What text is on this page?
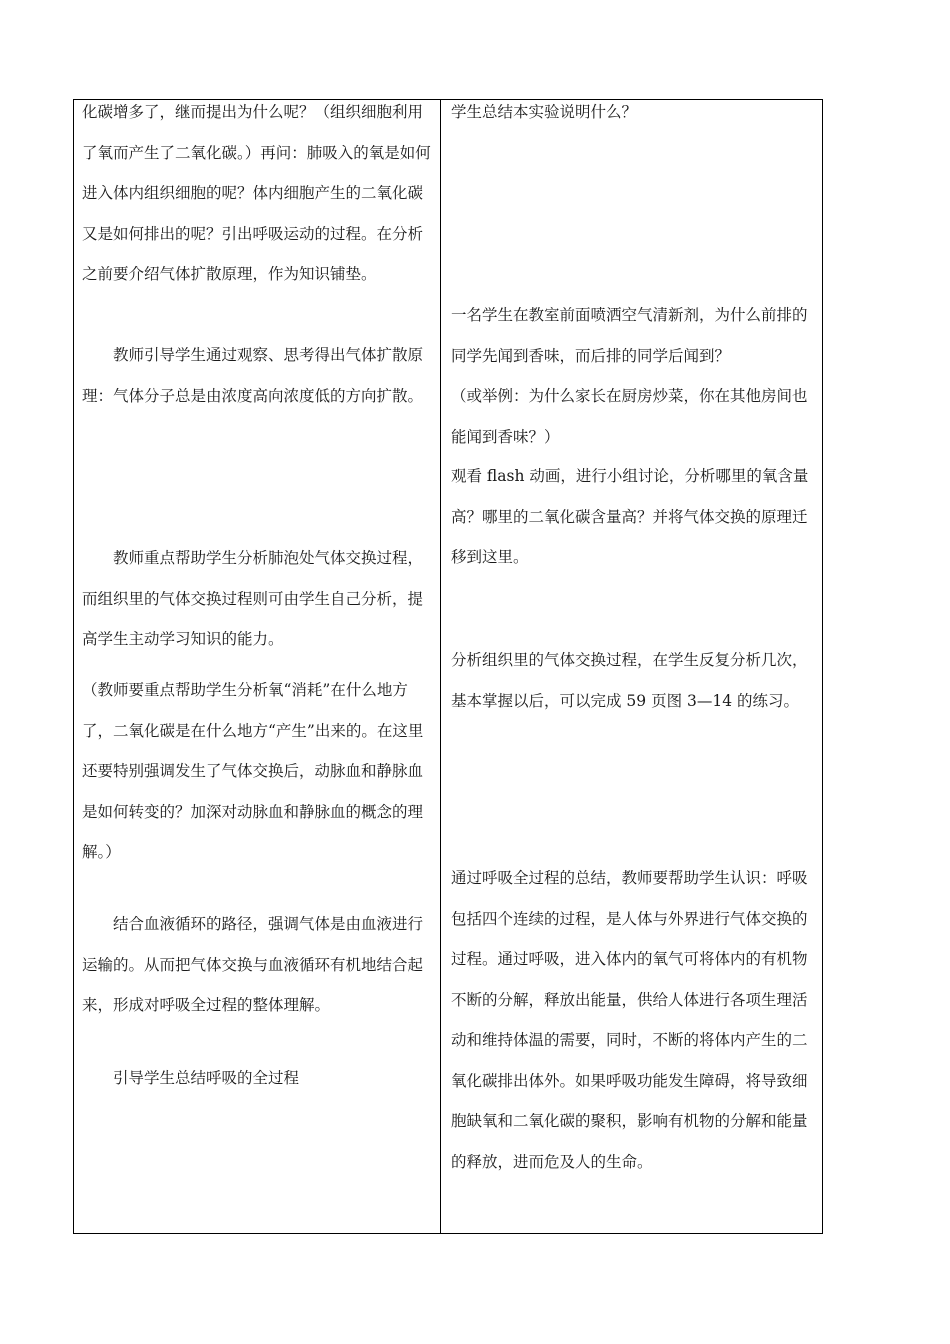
化碳增多了，继而提出为什么呢？（组织细胞利用了氧而产生了二氧化碳。）再问：肺吸入的氧是如何进入体内组织细胞的呢？体内细胞产生的二氧化碳又是如何排出的呢？引出呼吸运动的过程。在分析之前要介绍气体扩散原理，作为知识铺垫。

教师引导学生通过观察、思考得出气体扩散原理：气体分子总是由浓度高向浓度低的方向扩散。

教师重点帮助学生分析肺泡处气体交换过程，而组织里的气体交换过程则可由学生自己分析，提高学生主动学习知识的能力。

（教师要重点帮助学生分析氧“消耗”在什么地方了，二氧化碳是在什么地方“产生”出来的。在这里还要特别强调发生了气体交换后，动脉血和静脉血是如何转变的？加深对动脉血和静脉血的概念的理解。）

结合血液循环的路径，强调气体是由血液进行运输的。从而把气体交换与血液循环有机地结合起来，形成对呼吸全过程的整体理解。

引导学生总结呼吸的全过程

学生总结本实验说明什么？

一名学生在教室前面喷洒空气清新剂，为什么前排的同学先闻到香味，而后排的同学后闻到？

（或举例：为什么家长在厨房炒菜，你在其他房间也能闻到香味？）

观看 flash 动画，进行小组讨论，分析哪里的氧含量高？哪里的二氧化碳含量高？并将气体交换的原理迁移到这里。

分析组织里的气体交换过程，在学生反复分析几次，基本掌握以后，可以完成 59 页图 3—14 的练习。

通过呼吸全过程的总结，教师要帮助学生认识：呼吸包括四个连续的过程，是人体与外界进行气体交换的过程。通过呼吸，进入体内的氧气可将体内的有机物不断的分解，释放出能量，供给人体进行各项生理活动和维持体温的需要，同时，不断的将体内产生的二氧化碳排出体外。如果呼吸功能发生障碍，将导致细胞缺氧和二氧化碳的聚积，影响有机物的分解和能量的释放，进而危及人的生命。
